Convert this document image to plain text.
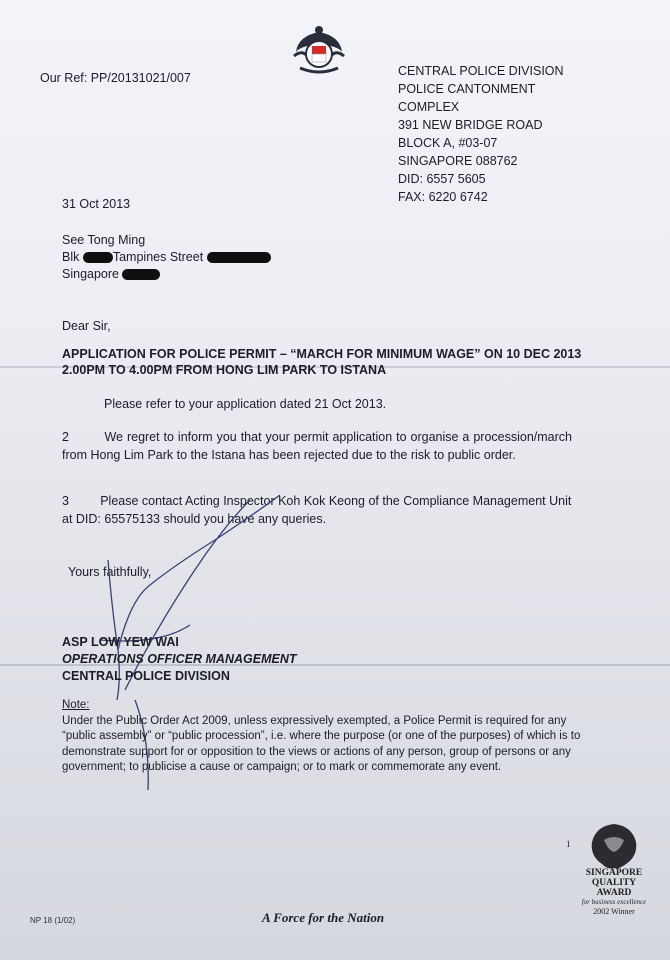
Our Ref: PP/20131021/007	CENTRAL POLICE DIVISION
POLICE CANTONMENT
COMPLEX
391 NEW BRIDGE ROAD
BLOCK A, #03-07
SINGAPORE 088762
DID: 6557 5605
FAX: 6220 6742
31 Oct 2013
See Tong Ming
Blk	Tampines Street
Singapore
Dear Sir,
APPLICATION FOR POLICE PERMIT – “MARCH FOR MINIMUM WAGE” ON 10 DEC 2013
2.00PM TO 4.00PM FROM HONG LIM PARK TO ISTANA
Please refer to your application dated 21 Oct 2013.
2	We regret to inform you that your permit application to organise a procession/march from Hong Lim Park to the Istana has been rejected due to the risk to public order.
3	Please contact Acting Inspector Koh Kok Keong of the Compliance Management Unit at DID: 65575133 should you have any queries.
Yours faithfully,
ASP LOW YEW WAI
OPERATIONS OFFICER MANAGEMENT
CENTRAL POLICE DIVISION
Note:
Under the Public Order Act 2009, unless expressively exempted, a Police Permit is required for any “public assembly” or “public procession”, i.e. where the purpose (or one of the purposes) of which is to demonstrate support for or opposition to the views or actions of any person, group of persons or any government; to publicise a cause or campaign; or to mark or commemorate any event.
NP 18 (1/02)	A Force for the Nation
1
SINGAPORE
QUALITY
AWARD
for business excellence
2002 Winner
